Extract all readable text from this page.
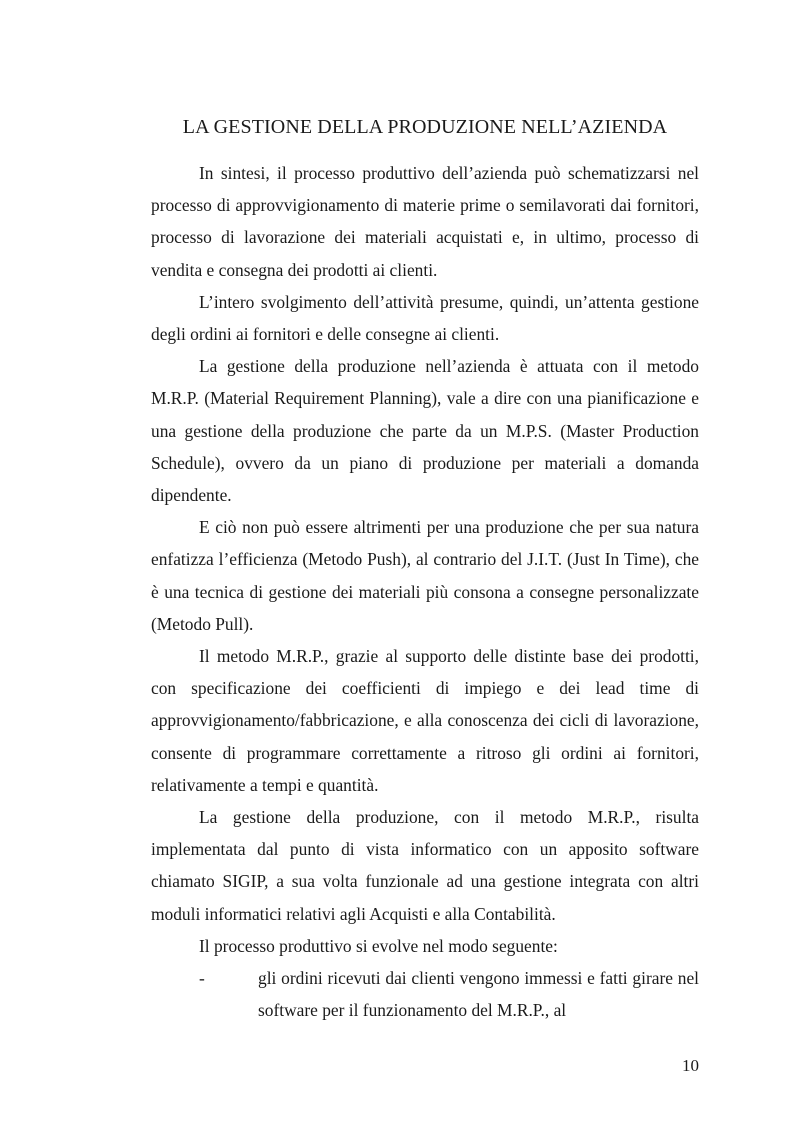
LA GESTIONE DELLA PRODUZIONE NELL’AZIENDA

In sintesi, il processo produttivo dell’azienda può schematizzarsi nel processo di approvvigionamento di materie prime o semilavorati dai fornitori, processo di lavorazione dei materiali acquistati e, in ultimo, processo di vendita e consegna dei prodotti ai clienti.

L’intero svolgimento dell’attività presume, quindi, un’attenta gestione degli ordini ai fornitori e delle consegne ai clienti.

La gestione della produzione nell’azienda è attuata con il metodo M.R.P. (Material Requirement Planning), vale a dire con una pianificazione e una gestione della produzione che parte da un M.P.S. (Master Production Schedule), ovvero da un piano di produzione per materiali a domanda dipendente.

E ciò non può essere altrimenti per una produzione che per sua natura enfatizza l’efficienza (Metodo Push), al contrario del J.I.T. (Just In Time), che è una tecnica di gestione dei materiali più consona a consegne personalizzate (Metodo Pull).

Il metodo M.R.P., grazie al supporto delle distinte base dei prodotti, con specificazione dei coefficienti di impiego e dei lead time di approvvigionamento/fabbricazione, e alla conoscenza dei cicli di lavorazione, consente di programmare correttamente a ritroso gli ordini ai fornitori, relativamente a tempi e quantità.

La gestione della produzione, con il metodo M.R.P., risulta implementata dal punto di vista informatico con un apposito software chiamato SIGIP, a sua volta funzionale ad una gestione integrata con altri moduli informatici relativi agli Acquisti e alla Contabilità.

Il processo produttivo si evolve nel modo seguente:

-	gli ordini ricevuti dai clienti vengono immessi e fatti girare nel software per il funzionamento del M.R.P., al

10
